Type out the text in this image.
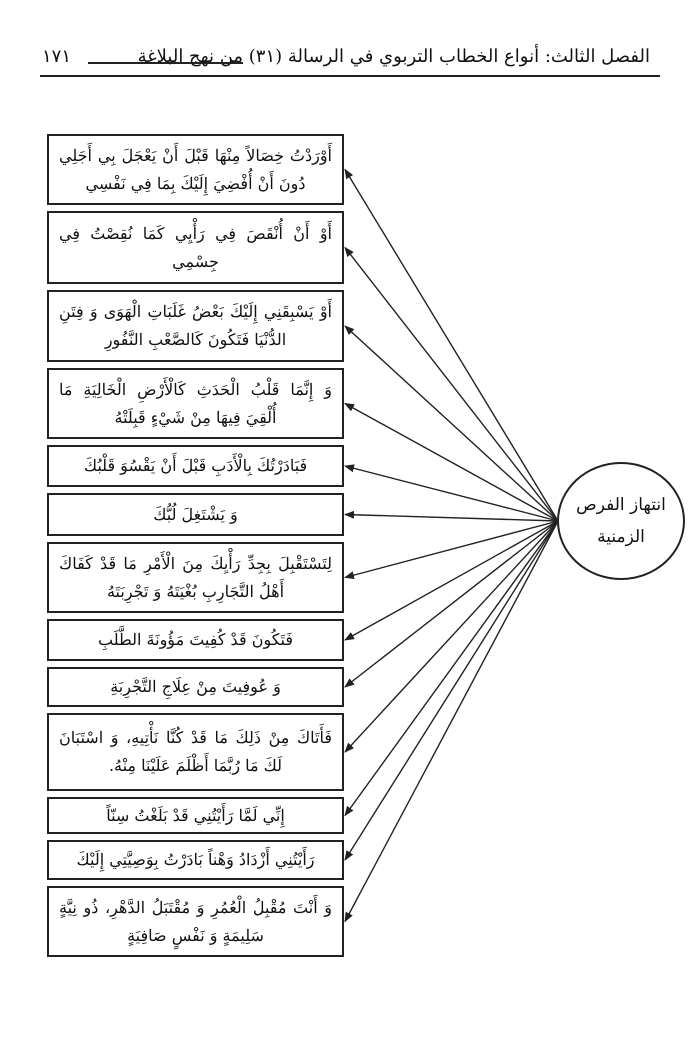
الفصل الثالث: أنواع الخطاب التربوي في الرسالة (٣١) من نهج البلاغة
١٧١
أَوْرَدْتُ خِصَالاً مِنْهَا قَبْلَ أَنْ يَعْجَلَ بِي أَجَلِي دُونَ أَنْ أُفْضِيَ إِلَيْكَ بِمَا فِي نَفْسِي
أَوْ أَنْ أُنْقَصَ فِي رَأْيِي كَمَا نُقِصْتُ فِي جِسْمِي
أَوْ يَسْبِقَنِي إِلَيْكَ بَعْضُ غَلَبَاتِ الْهَوَى وَ فِتَنِ الدُّنْيَا فَتَكُونَ كَالصَّعْبِ النَّفُورِ
وَ إِنَّمَا قَلْبُ الْحَدَثِ كَالْأَرْضِ الْخَالِيَةِ مَا أُلْقِيَ فِيهَا مِنْ شَيْءٍ قَبِلَتْهُ
فَبَادَرْتُكَ بِالْأَدَبِ قَبْلَ أَنْ يَقْسُوَ قَلْبُكَ
وَ يَشْتَغِلَ لُبُّكَ
لِتَسْتَقْبِلَ بِجِدِّ رَأْيِكَ مِنَ الْأَمْرِ مَا قَدْ كَفَاكَ أَهْلُ التَّجَارِبِ بُغْيَتَهُ وَ تَجْرِبَتَهُ
فَتَكُونَ قَدْ كُفِيتَ مَؤُونَةَ الطَّلَبِ
وَ عُوفِيتَ مِنْ عِلَاجِ التَّجْرِبَةِ
فَأَتَاكَ مِنْ ذَلِكَ مَا قَدْ كُنَّا نَأْتِيهِ، وَ اسْتَبَانَ لَكَ مَا رُبَّمَا أَظْلَمَ عَلَيْنَا مِنْهُ.
إِنِّي لَمَّا رَأَيْتُنِي قَدْ بَلَغْتُ سِنّاً
رَأَيْتُنِي أَزْدَادُ وَهْناً بَادَرْتُ بِوَصِيَّتِي إِلَيْكَ
وَ أَنْتَ مُقْبِلُ الْعُمُرِ وَ مُقْتَبَلُ الدَّهْرِ، ذُو نِيَّةٍ سَلِيمَةٍ وَ نَفْسٍ صَافِيَةٍ
انتهاز الفرص
الزمنية
